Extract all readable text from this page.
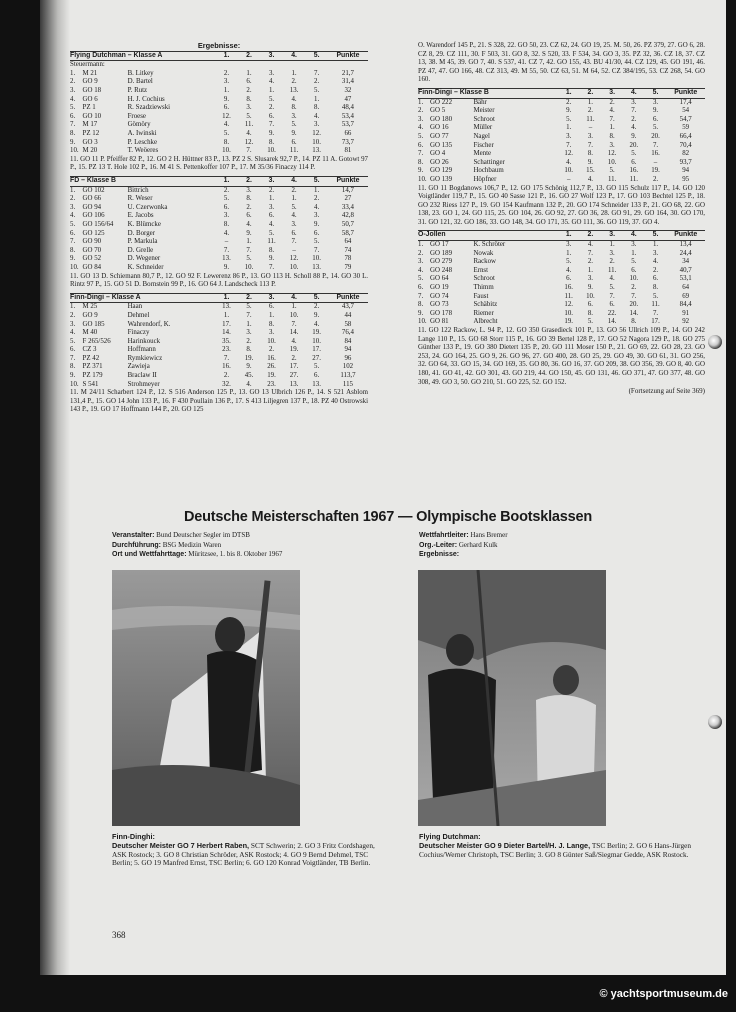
© yachtsportmuseum.de
Ergebnisse:
Flying Dutchman – Klasse A			1.	2.	3.	4.	5.	Punkte
Steuermann:								
1.	M 21	B. Litkey	2.	1.	3.	1.	7.	21,7
2.	GO 9	D. Bartel	3.	6.	4.	2.	2.	31,4
3.	GO 18	P. Rutz	1.	2.	1.	13.	5.	32
4.	GO 6	H. J. Cochius	9.	8.	5.	4.	1.	47
5.	PZ 1	R. Szadziewski	6.	3.	2.	8.	8.	48,4
6.	GO 10	Froese	12.	5.	6.	3.	4.	53,4
7.	M 17	Gömöry	4.	11.	7.	5.	3.	53,7
8.	PZ 12	A. Iwinski	5.	4.	9.	9.	12.	66
9.	GO 3	P. Leschke	8.	12.	8.	6.	10.	73,7
10.	M 20	T. Weöeres	10.	7.	10.	11.	13.	81

11. GO 11 P. Pfeiffer 82 P., 12. GO 2 H. Hüttner 83 P., 13. PZ 2 S. Slusarek 92,7 P., 14. PZ 11 A. Gotowt 97 P., 15. PZ 13 T. Hole 102 P., 16. M 41 S. Pettenkoffer 107 P., 17. M 35/36 Finaczy 114 P.

FD – Klasse B			1.	2.	3.	4.	5.	Punkte
1.	GO 102	Bittrich	2.	3.	2.	2.	1.	14,7
2.	GO 66	R. Weser	5.	8.	1.	1.	2.	27
3.	GO 94	U. Czerwonka	6.	2.	3.	5.	4.	33,4
4.	GO 106	E. Jacobs	3.	6.	6.	4.	3.	42,8
5.	GO 156/64	K. Blümcke	8.	4.	4.	3.	9.	50,7
6.	GO 125	D. Borger	4.	9.	5.	6.	6.	58,7
7.	GO 90	P. Markula	–	1.	11.	7.	5.	64
8.	GO 70	D. Grelle	7.	7.	8.	–	7.	74
9.	GO 52	D. Wegener	13.	5.	9.	12.	10.	78
10.	GO 84	K. Schneider	9.	10.	7.	10.	13.	79

11. GO 13 D. Schiemann 80,7 P., 12. GO 92 F. Lewerenz 86 P., 13. GO 113 H. Scholl 88 P., 14. GO 30 L. Rintz 97 P., 15. GO 51 D. Bornstein 99 P., 16. GO 64 J. Landscheck 113 P.

Finn-Dingi – Klasse A			1.	2.	3.	4.	5.	Punkte
1.	M 25	Haan	13.	5.	6.	1.	2.	43,7
2.	GO 9	Dehmel	1.	7.	1.	10.	9.	44
3.	GO 185	Wahrendorf, K.	17.	1.	8.	7.	4.	58
4.	M 40	Finaczy	14.	3.	3.	14.	19.	76,4
5.	F 265/526	Harinkouck	35.	2.	10.	4.	10.	84
6.	CZ 3	Hoffmann	23.	8.	2.	19.	17.	94
7.	PZ 42	Rymkiewicz	7.	19.	16.	2.	27.	96
8.	PZ 371	Zawieja	16.	9.	26.	17.	5.	102
9.	PZ 179	Braclaw II	2.	45.	19.	27.	6.	113,7
10.	S 541	Strohmeyer	32.	4.	23.	13.	13.	115

11. M 24/11 Scharbert 124 P., 12. S 516 Anderson 125 P., 13. GO 13 Ulbrich 126 P., 14. S 521 Asblom 131,4 P., 15. GO 14 John 133 P., 16. F 430 Poullain 136 P., 17. S 413 Liljegren 137 P., 18. PZ 40 Ostrowski 143 P., 19. GO 17 Hoffmann 144 P., 20. GO 125

O. Warendorf 145 P., 21. S 328, 22. GO 50, 23. CZ 62, 24. GO 19, 25. M. 50, 26. PZ 379, 27. GO 6, 28. CZ 8, 29. CZ 111, 30. F 503, 31. GO 8, 32. S 520, 33. F 534, 34. GO 3, 35. PZ 32, 36. CZ 18, 37. CZ 13, 38. M 45, 39. GO 7, 40. S 537, 41. CZ 7, 42. GO 155, 43. BU 41/30, 44. CZ 129, 45. GO 191, 46. PZ 47, 47. GO 166, 48. CZ 313, 49. M 55, 50. CZ 63, 51. M 64, 52. CZ 384/195, 53. CZ 268, 54. GO 160.

Finn-Dingi – Klasse B			1.	2.	3.	4.	5.	Punkte
1.	GO 222	Bähr	2.	1.	2.	3.	3.	17,4
2.	GO 5	Meister	9.	2.	4.	7.	9.	54
3.	GO 180	Schroot	5.	11.	7.	2.	6.	54,7
4.	GO 16	Müller	1.	–	1.	4.	5.	59
5.	GO 77	Nagel	3.	3.	8.	9.	20.	66,4
6.	GO 135	Fischer	7.	7.	3.	20.	7.	70,4
7.	GO 4	Mente	12.	8.	12.	5.	16.	82
8.	GO 26	Schattinger	4.	9.	10.	6.	–	93,7
9.	GO 129	Hochbaum	10.	15.	5.	16.	19.	94
10.	GO 139	Höpfner	–	4.	11.	11.	2.	95

11. GO 11 Bogdanows 106,7 P., 12. GO 175 Schönig 112,7 P., 13. GO 115 Schulz 117 P., 14. GO 120 Voigtländer 119,7 P., 15. GO 40 Sasse 121 P., 16. GO 27 Wolf 123 P., 17. GO 103 Bechtel 125 P., 18. GO 232 Riess 127 P., 19. GO 154 Kaufmann 132 P., 20. GO 174 Schneider 133 P., 21. GO 68, 22. GO 138, 23. GO 1, 24. GO 115, 25. GO 104, 26. GO 92, 27. GO 36, 28. GO 91, 29. GO 164, 30. GO 170, 31. GO 121, 32. GO 186, 33. GO 148, 34. GO 171, 35. GO 111, 36. GO 119, 37. GO 4.

O-Jollen			1.	2.	3.	4.	5.	Punkte
1.	GO 17	K. Schröter	3.	4.	1.	3.	1.	13,4
2.	GO 189	Nowak	1.	7.	3.	1.	3.	24,4
3.	GO 279	Rackow	5.	2.	2.	5.	4.	34
4.	GO 248	Ernst	4.	1.	11.	6.	2.	40,7
5.	GO 64	Schroot	6.	3.	4.	10.	6.	53,1
6.	GO 19	Thimm	16.	9.	5.	2.	8.	64
7.	GO 74	Faust	11.	10.	7.	7.	5.	69
8.	GO 73	Schäbitz	12.	6.	6.	20.	11.	84,4
9.	GO 178	Riemer	10.	8.	22.	14.	7.	91
10.	GO 81	Albrecht	19.	5.	14.	8.	17.	92

11. GO 122 Rackow, L. 94 P., 12. GO 350 Grasedieck 101 P., 13. GO 56 Ullrich 109 P., 14. GO 242 Lange 110 P., 15. GO 68 Storr 115 P., 16. GO 39 Bertel 128 P., 17. GO 52 Nagora 129 P., 18. GO 275 Günther 133 P., 19. GO 380 Dietert 135 P., 20. GO 111 Moser 150 P., 21. GO 69, 22. GO 28, 23. GO 253, 24. GO 164, 25. GO 9, 26. GO 96, 27. GO 400, 28. GO 25, 29. GO 49, 30. GO 61, 31. GO 256, 32. GO 64, 33. GO 15, 34. GO 169, 35. GO 80, 36. GO 16, 37. GO 209, 38. GO 356, 39. GO 8, 40. GO 180, 41. GO 41, 42. GO 301, 43. GO 219, 44. GO 150, 45. GO 131, 46. GO 371, 47. GO 377, 48. GO 308, 49. GO 3, 50. GO 210, 51. GO 225, 52. GO 152.

(Fortsetzung auf Seite 369)
Deutsche Meisterschaften 1967 — Olympische Bootsklassen
Veranstalter: Bund Deutscher Segler im DTSB
Durchführung: BSG Medizin Waren
Ort und Wettfahrttage: Müritzsee, 1. bis 8. Oktober 1967
Wettfahrtleiter: Hans Bremer
Org.-Leiter: Gerhard Kulk
Ergebnisse:
Finn-Dinghi:
Deutscher Meister GO 7 Herbert Raben, SCT Schwerin; 2. GO 3 Fritz Cordshagen, ASK Rostock; 3. GO 8 Christian Schröder, ASK Rostock; 4. GO 9 Bernd Dehmel, TSC Berlin; 5. GO 19 Manfred Ernst, TSC Berlin; 6. GO 120 Konrad Voigtländer, TB Berlin.
Flying Dutchman:
Deutscher Meister GO 9 Dieter Bartel/H. J. Lange, TSC Berlin; 2. GO 6 Hans-Jürgen Cochius/Werner Christoph, TSC Berlin; 3. GO 8 Günter Saß/Siegmar Gedde, ASK Rostock.
368
